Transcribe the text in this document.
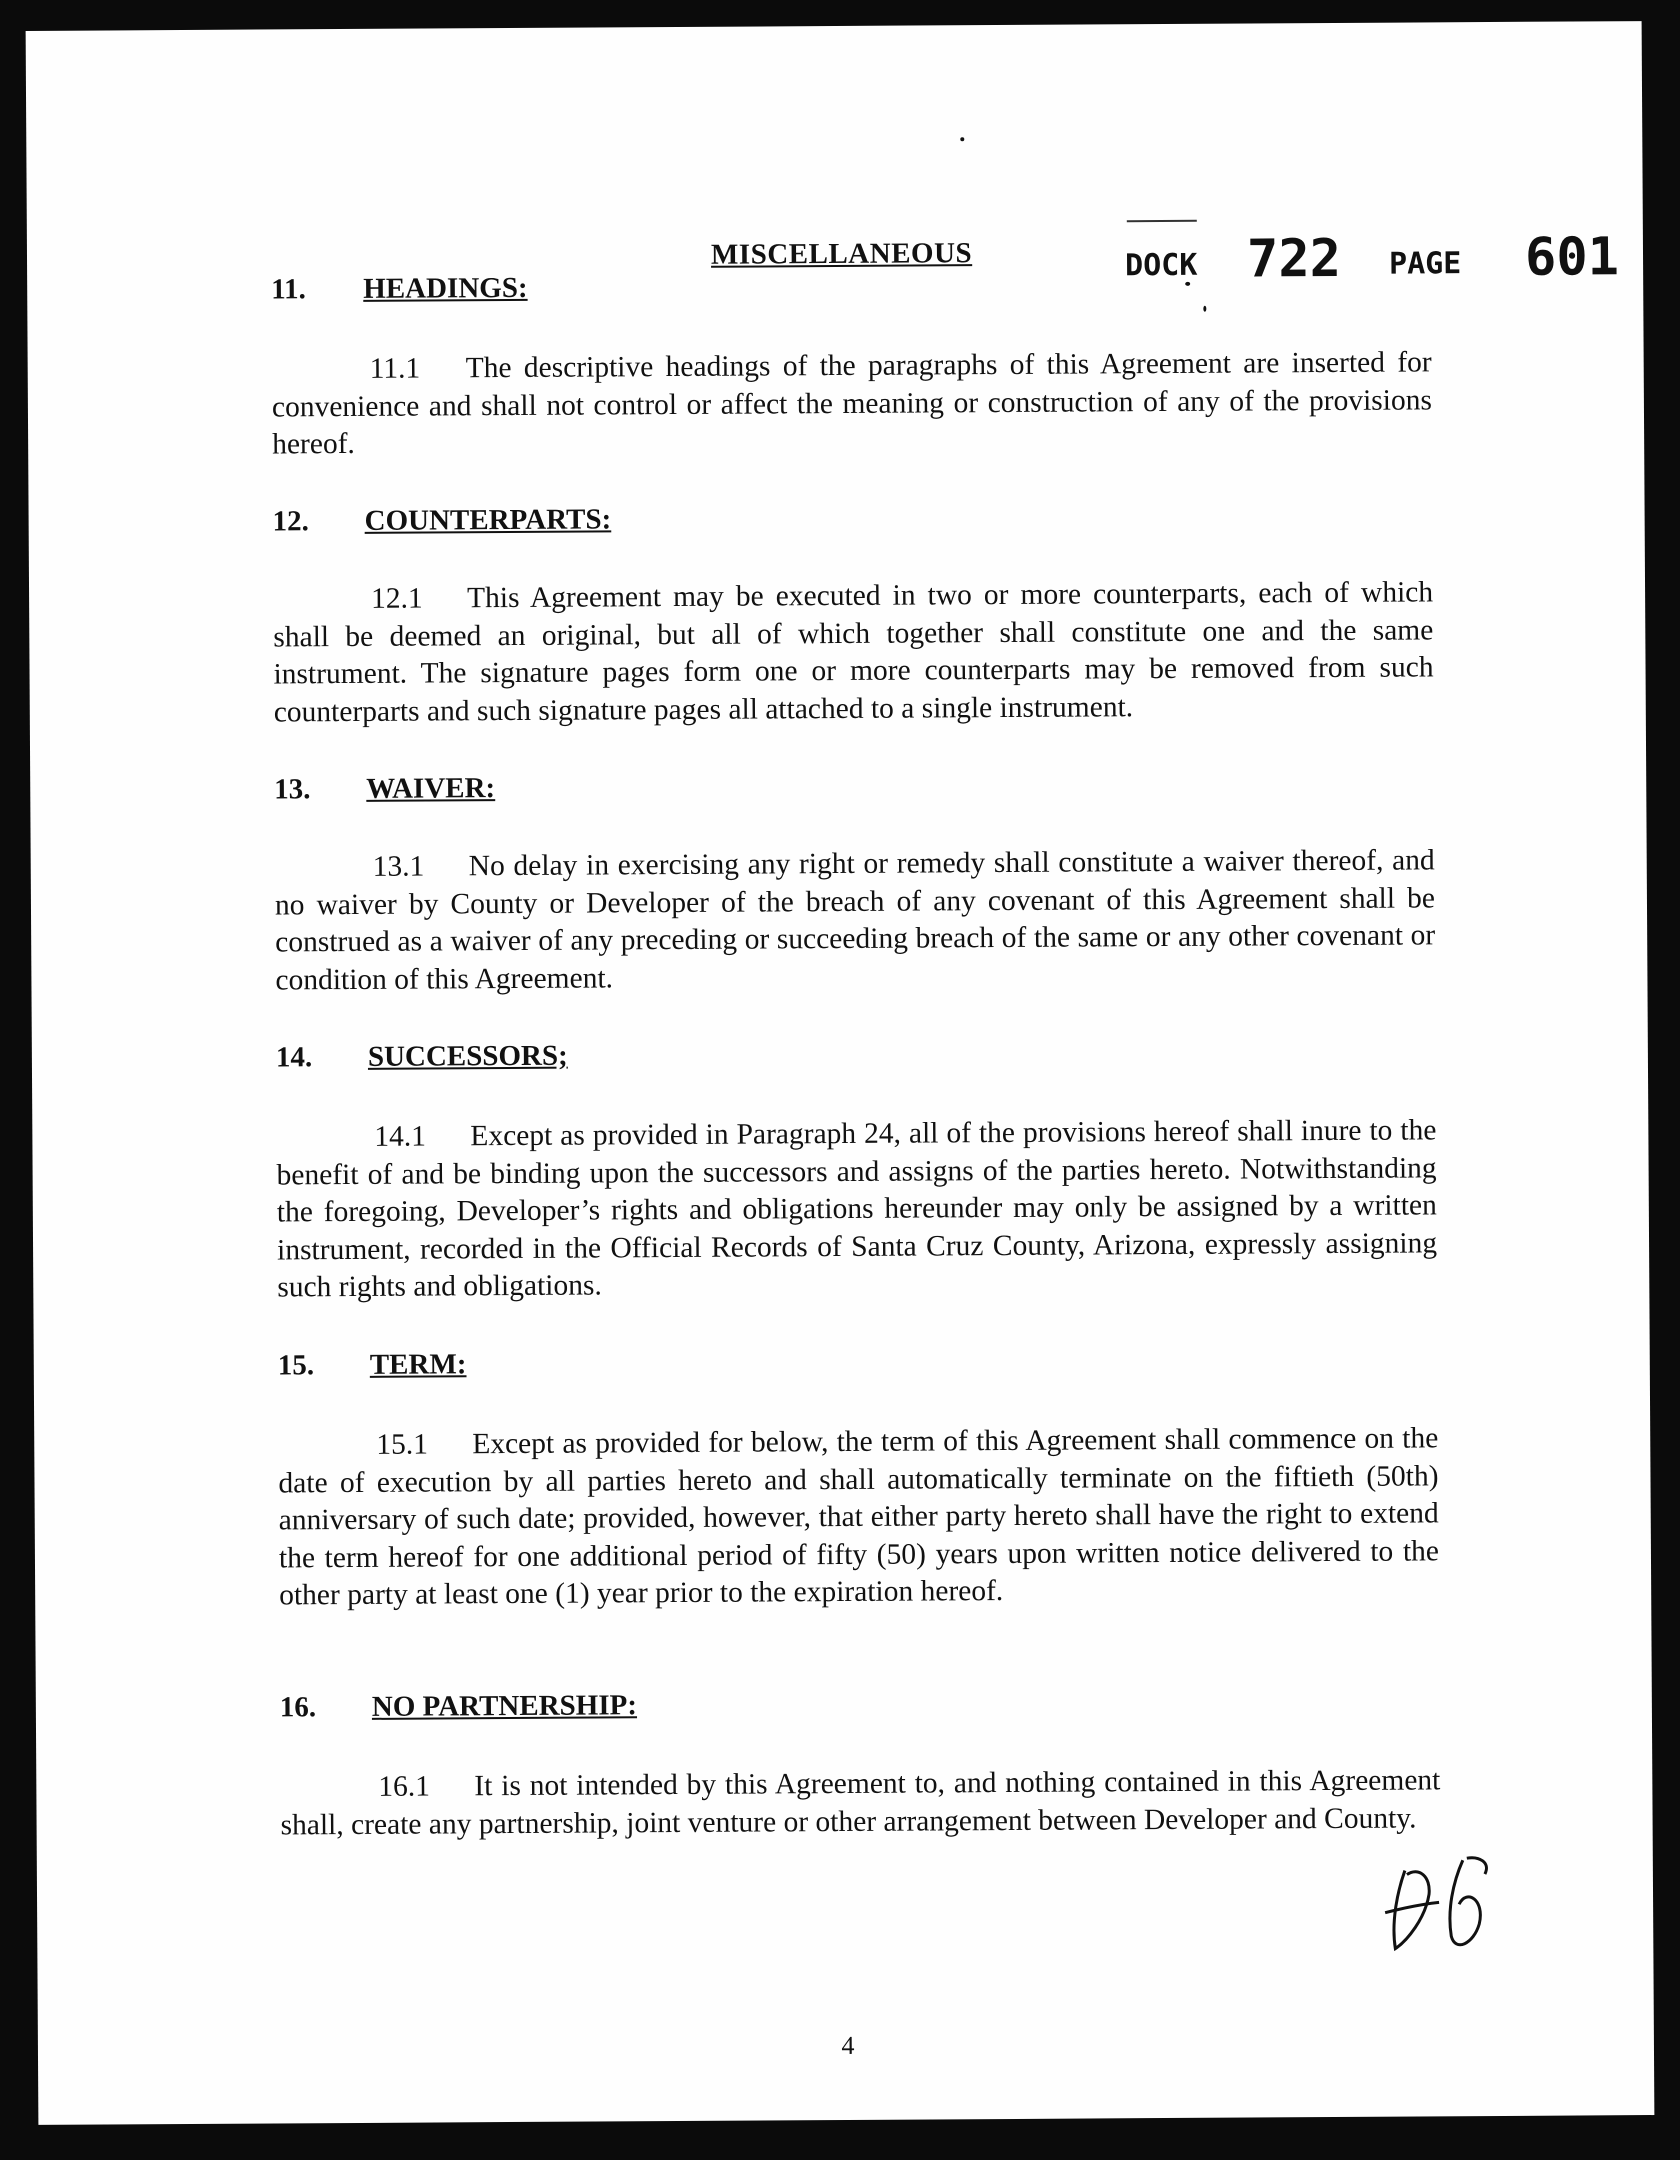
MISCELLANEOUS	DOCK 722 PAGE 601
11. HEADINGS:
11.1 The descriptive headings of the paragraphs of this Agreement are inserted for convenience and shall not control or affect the meaning or construction of any of the provisions hereof.
12. COUNTERPARTS:
12.1 This Agreement may be executed in two or more counterparts, each of which shall be deemed an original, but all of which together shall constitute one and the same instrument. The signature pages form one or more counterparts may be removed from such counterparts and such signature pages all attached to a single instrument.
13. WAIVER:
13.1 No delay in exercising any right or remedy shall constitute a waiver thereof, and no waiver by County or Developer of the breach of any covenant of this Agreement shall be construed as a waiver of any preceding or succeeding breach of the same or any other covenant or condition of this Agreement.
14. SUCCESSORS;
14.1 Except as provided in Paragraph 24, all of the provisions hereof shall inure to the benefit of and be binding upon the successors and assigns of the parties hereto. Notwithstanding the foregoing, Developer’s rights and obligations hereunder may only be assigned by a written instrument, recorded in the Official Records of Santa Cruz County, Arizona, expressly assigning such rights and obligations.
15. TERM:
15.1 Except as provided for below, the term of this Agreement shall commence on the date of execution by all parties hereto and shall automatically terminate on the fiftieth (50th) anniversary of such date; provided, however, that either party hereto shall have the right to extend the term hereof for one additional period of fifty (50) years upon written notice delivered to the other party at least one (1) year prior to the expiration hereof.
16. NO PARTNERSHIP:
16.1 It is not intended by this Agreement to, and nothing contained in this Agreement shall, create any partnership, joint venture or other arrangement between Developer and County.
4
